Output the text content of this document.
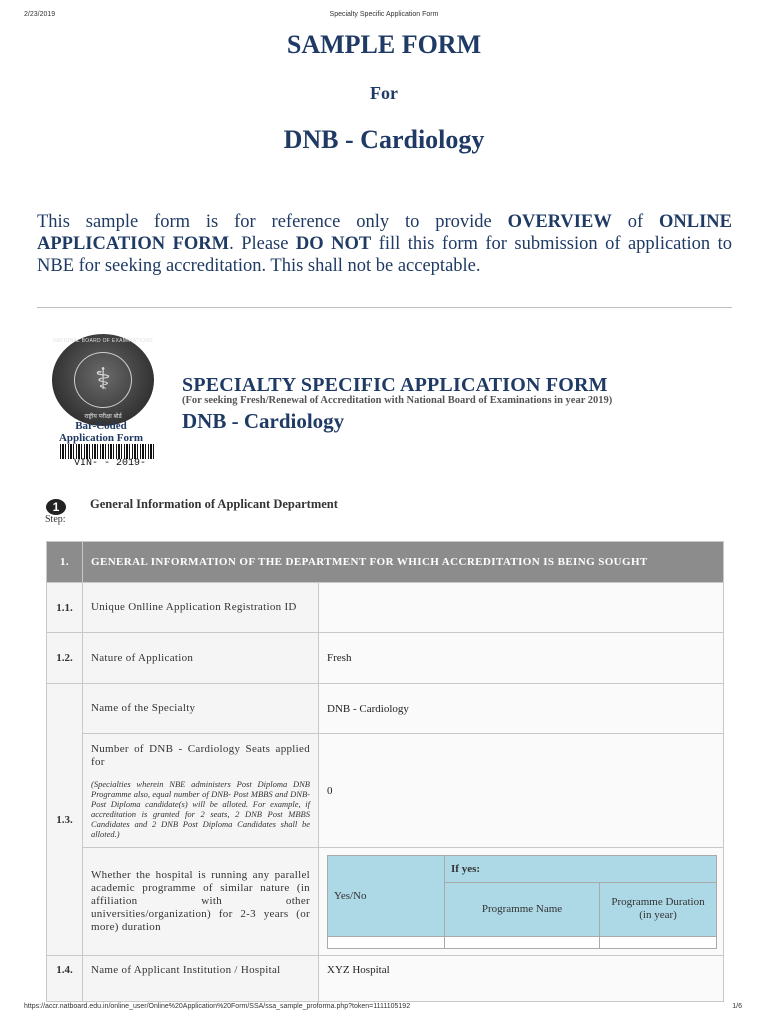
2/23/2019	Specialty Specific Application Form
SAMPLE FORM
For
DNB - Cardiology
This sample form is for reference only to provide OVERVIEW of ONLINE APPLICATION FORM. Please DO NOT fill this form for submission of application to NBE for seeking accreditation. This shall not be acceptable.
NATIONAL BOARD OF EXAMINATIONS
⚕
राष्ट्रीय परीक्षा बोर्ड
Bar-Coded
Application Form
VIN- - 2019-
SPECIALTY SPECIFIC APPLICATION FORM
(For seeking Fresh/Renewal of Accreditation with National Board of Examinations in year 2019)
DNB - Cardiology
1
Step:
General Information of Applicant Department
1.	GENERAL INFORMATION OF THE DEPARTMENT FOR WHICH ACCREDITATION IS BEING SOUGHT
1.1.	Unique Onlline Application Registration ID	
1.2.	Nature of Application	Fresh
1.3.	Name of the Specialty	DNB - Cardiology

Number of DNB - Cardiology Seats applied for
(Specialties wherein NBE administers Post Diploma DNB Programme also, equal number of DNB- Post MBBS and DNB- Post Diploma candidate(s) will be alloted. For example, if accreditation is granted for 2 seats, 2 DNB Post MBBS Candidates and 2 DNB Post Diploma Candidates shall be alloted.)
	0
Whether the hospital is running any parallel academic programme of similar nature (in affiliation with other universities/organization) for 2-3 years (or more) duration	
Yes/No	If yes:
Programme Name	Programme Duration (in year)

1.4.	Name of Applicant Institution / Hospital	XYZ Hospital
https://accr.natboard.edu.in/online_user/Online%20Application%20Form/SSA/ssa_sample_proforma.php?token=1111105192	1/6
